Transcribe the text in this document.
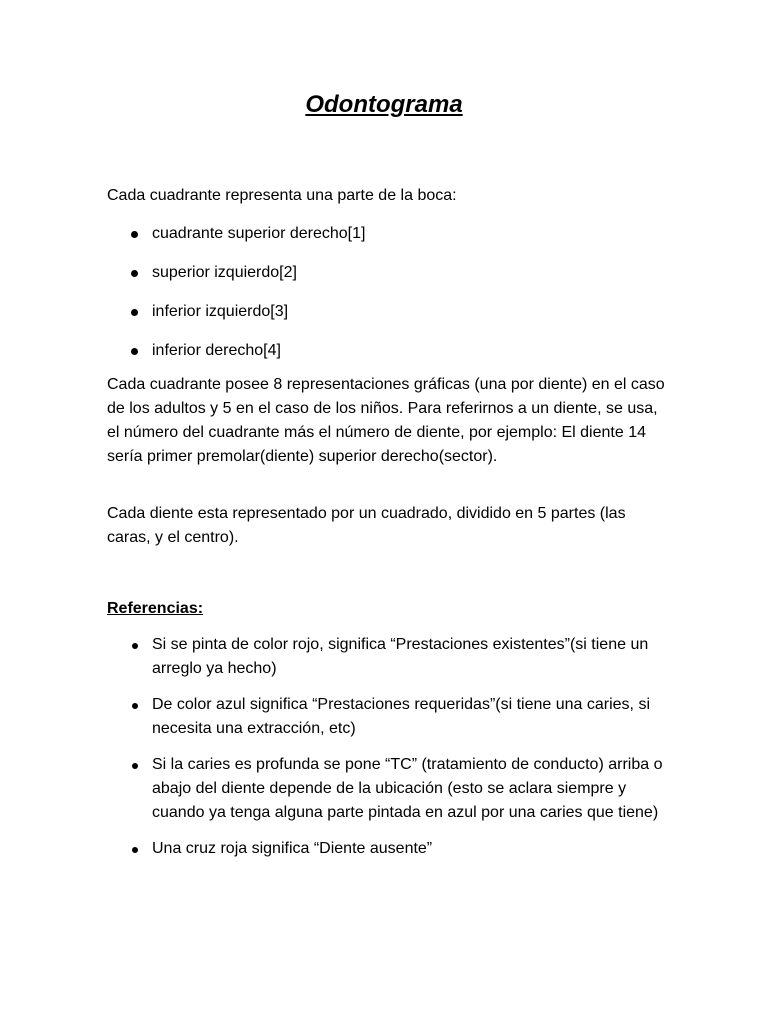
Odontograma

Cada cuadrante representa una parte de la boca:

cuadrante superior derecho[1]
superior izquierdo[2]
inferior izquierdo[3]
inferior derecho[4]

Cada cuadrante posee 8 representaciones gráficas (una por diente) en el caso de los adultos y 5 en el caso de los niños. Para referirnos a un diente, se usa, el número del cuadrante más el número de diente, por ejemplo: El diente 14 sería primer premolar(diente) superior derecho(sector).

Cada diente esta representado por un cuadrado, dividido en 5 partes (las caras, y el centro).

Referencias:

Si se pinta de color rojo, significa “Prestaciones existentes”(si tiene un arreglo ya hecho)
De color azul significa “Prestaciones requeridas”(si tiene una caries, si necesita una extracción, etc)
Si la caries es profunda se pone “TC” (tratamiento de conducto) arriba o abajo del diente depende de la ubicación (esto se aclara siempre y cuando ya tenga alguna parte pintada en azul por una caries que tiene)
Una cruz roja significa “Diente ausente”
